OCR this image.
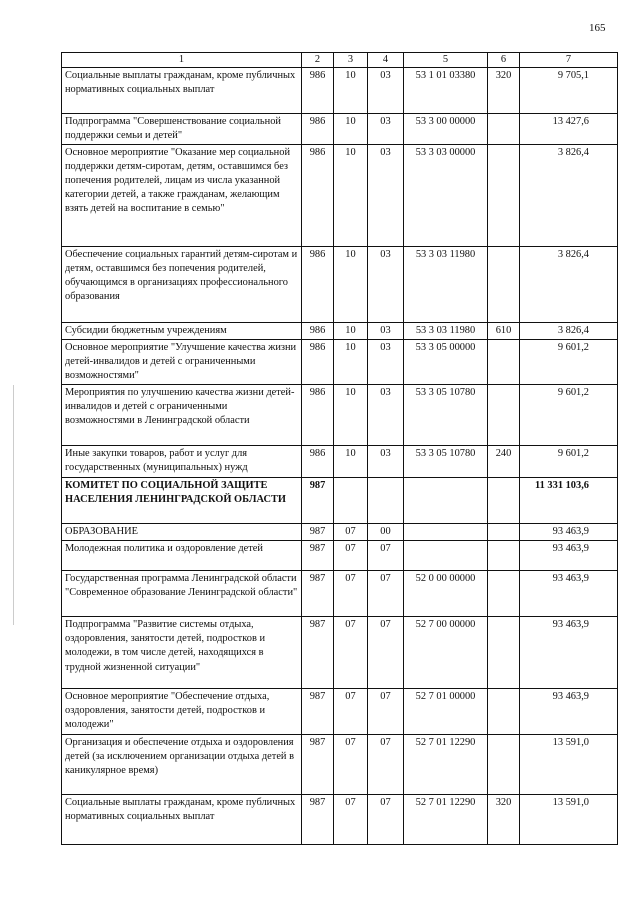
165
1	2	3	4	5	6	7
Социальные выплаты гражданам, кроме публичных нормативных социальных выплат	986	10	03	53 1 01 03380	320	9 705,1
Подпрограмма "Совершенствование социальной поддержки семьи и детей"	986	10	03	53 3 00 00000		13 427,6
Основное мероприятие "Оказание мер социальной поддержки детям-сиротам, детям, оставшимся без попечения родителей, лицам из числа указанной категории детей, а также гражданам, желающим взять детей на воспитание в семью"	986	10	03	53 3 03 00000		3 826,4
Обеспечение социальных гарантий детям-сиротам и детям, оставшимся без попечения родителей, обучающимся в организациях профессионального образования	986	10	03	53 3 03 11980		3 826,4
Субсидии бюджетным учреждениям	986	10	03	53 3 03 11980	610	3 826,4
Основное мероприятие "Улучшение качества жизни детей-инвалидов и детей с ограниченными возможностями"	986	10	03	53 3 05 00000		9 601,2
Мероприятия по улучшению качества жизни детей-инвалидов и детей с ограниченными возможностями в Ленинградской области	986	10	03	53 3 05 10780		9 601,2
Иные закупки товаров, работ и услуг для государственных (муниципальных) нужд	986	10	03	53 3 05 10780	240	9 601,2
КОМИТЕТ ПО СОЦИАЛЬНОЙ ЗАЩИТЕ НАСЕЛЕНИЯ ЛЕНИНГРАДСКОЙ ОБЛАСТИ	987					11 331 103,6
ОБРАЗОВАНИЕ	987	07	00			93 463,9
Молодежная политика и оздоровление детей	987	07	07			93 463,9
Государственная программа Ленинградской области "Современное образование Ленинградской области"	987	07	07	52 0 00 00000		93 463,9
Подпрограмма "Развитие системы отдыха, оздоровления, занятости детей, подростков и молодежи, в том числе детей, находящихся в трудной жизненной ситуации"	987	07	07	52 7 00 00000		93 463,9
Основное мероприятие "Обеспечение отдыха, оздоровления, занятости детей, подростков и молодежи"	987	07	07	52 7 01 00000		93 463,9
Организация и обеспечение отдыха и оздоровления детей (за исключением организации отдыха детей в каникулярное время)	987	07	07	52 7 01 12290		13 591,0
Социальные выплаты гражданам, кроме публичных нормативных социальных выплат	987	07	07	52 7 01 12290	320	13 591,0
